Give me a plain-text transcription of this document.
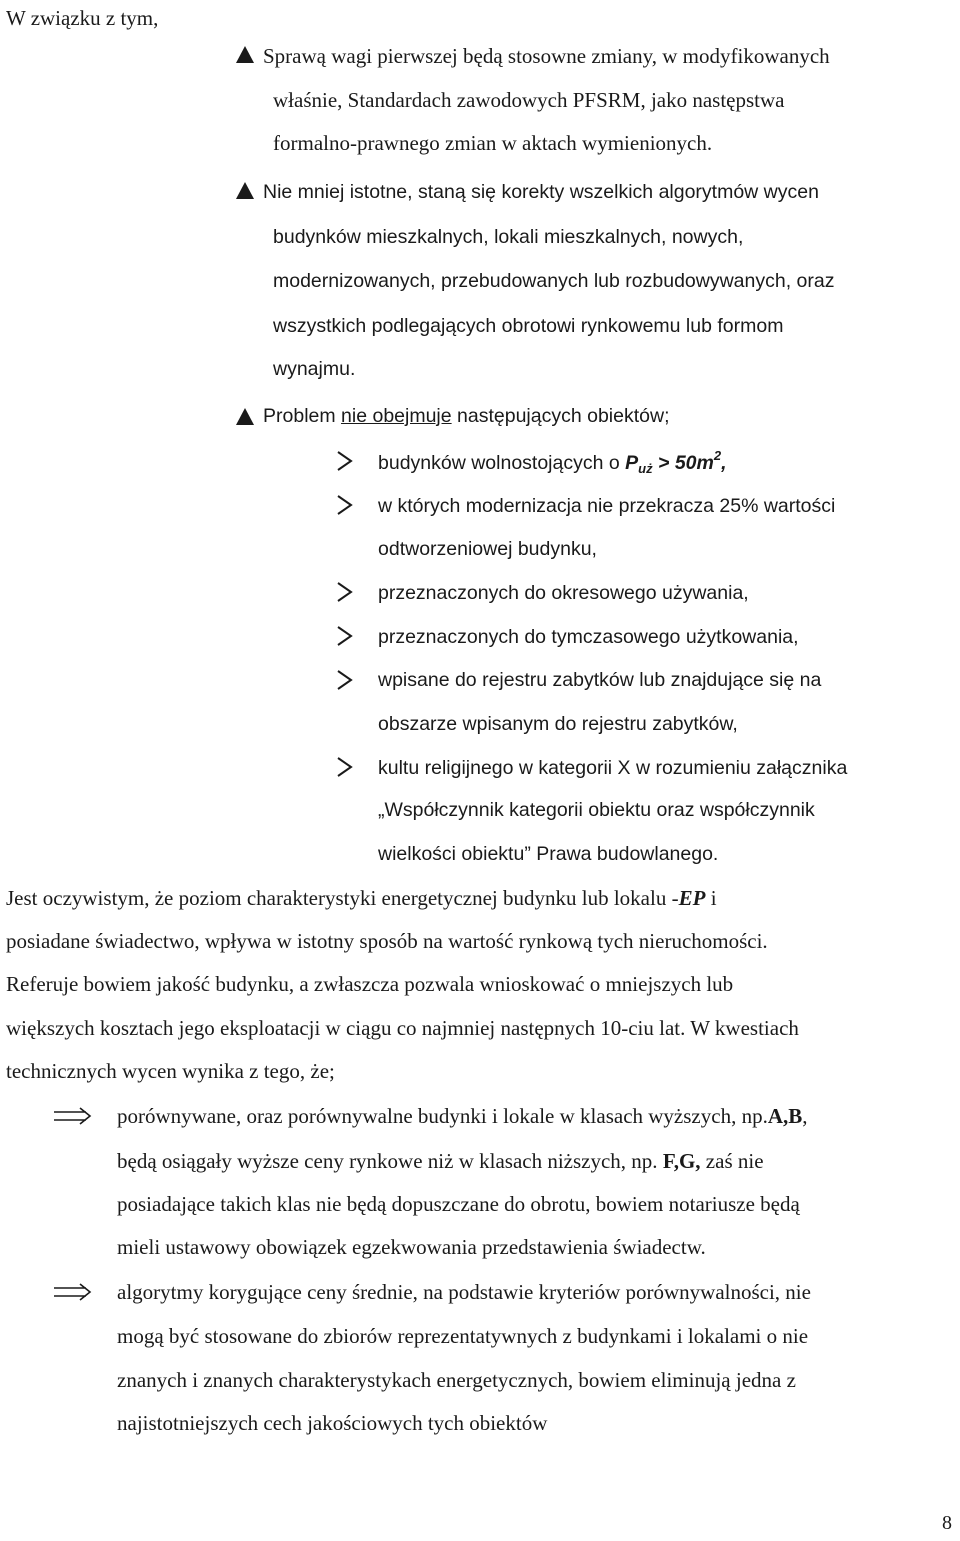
W związku z tym,
Sprawą wagi pierwszej będą stosowne zmiany, w modyfikowanych
właśnie, Standardach zawodowych PFSRM, jako następstwa
formalno-prawnego zmian w aktach wymienionych.
Nie mniej istotne, staną się korekty wszelkich algorytmów wycen
budynków mieszkalnych, lokali mieszkalnych, nowych,
modernizowanych, przebudowanych lub rozbudowywanych, oraz
wszystkich podlegających obrotowi rynkowemu lub formom
wynajmu.
Problem nie obejmuje następujących obiektów;
budynków wolnostojących o $P_{uż} > 50m^2$,
w których modernizacja nie przekracza 25% wartości
odtworzeniowej budynku,
przeznaczonych do okresowego używania,
przeznaczonych do tymczasowego użytkowania,
wpisane do rejestru zabytków lub znajdujące się na
obszarze wpisanym do rejestru zabytków,
kultu religijnego w kategorii X w rozumieniu załącznika
„Współczynnik kategorii obiektu oraz współczynnik
wielkości obiektu” Prawa budowlanego.
Jest oczywistym, że poziom charakterystyki energetycznej budynku lub lokalu -EP i
posiadane świadectwo, wpływa w istotny sposób na wartość rynkową tych nieruchomości.
Referuje bowiem jakość budynku, a zwłaszcza pozwala wnioskować o mniejszych lub
większych kosztach jego eksploatacji w ciągu co najmniej następnych 10-ciu lat. W kwestiach
technicznych wycen wynika z tego, że;
porównywane, oraz porównywalne budynki i lokale w klasach wyższych, np.A,B,
będą osiągały wyższe ceny rynkowe niż w klasach niższych, np. F,G, zaś nie
posiadające takich klas nie będą dopuszczane do obrotu, bowiem notariusze będą
mieli ustawowy obowiązek egzekwowania przedstawienia świadectw.
algorytmy korygujące ceny średnie, na podstawie kryteriów porównywalności, nie
mogą być stosowane do zbiorów reprezentatywnych z budynkami i lokalami o nie
znanych i znanych charakterystykach energetycznych, bowiem eliminują jedna z
najistotniejszych cech jakościowych tych obiektów
8
